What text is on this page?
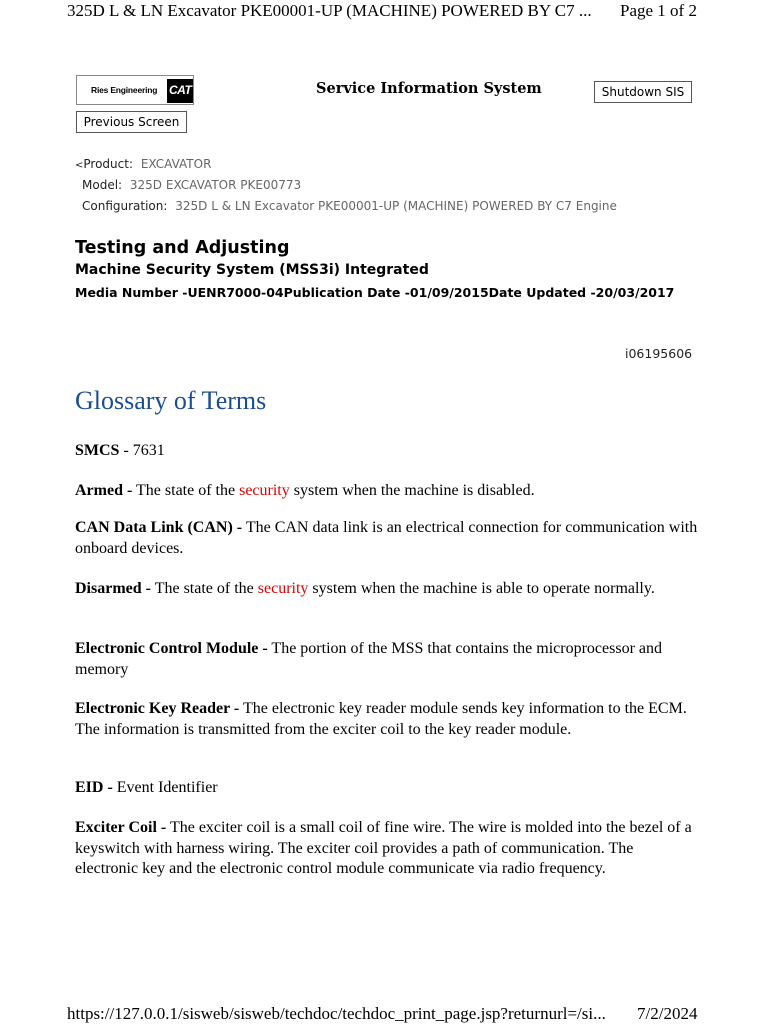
325D L & LN Excavator PKE00001-UP (MACHINE) POWERED BY C7 ... Page 1 of 2
Ries Engineering CAT	Service Information System	Shutdown SIS
Previous Screen
<Product: EXCAVATOR
Model: 325D EXCAVATOR PKE00773
Configuration: 325D L & LN Excavator PKE00001-UP (MACHINE) POWERED BY C7 Engine
Testing and Adjusting
Machine Security System (MSS3i) Integrated
Media Number -UENR7000-04Publication Date -01/09/2015Date Updated -20/03/2017
i06195606
Glossary of Terms
SMCS - 7631
Armed - The state of the security system when the machine is disabled.
CAN Data Link (CAN) - The CAN data link is an electrical connection for communication with onboard devices.
Disarmed - The state of the security system when the machine is able to operate normally.
Electronic Control Module - The portion of the MSS that contains the microprocessor and memory
Electronic Key Reader - The electronic key reader module sends key information to the ECM. The information is transmitted from the exciter coil to the key reader module.
EID - Event Identifier
Exciter Coil - The exciter coil is a small coil of fine wire. The wire is molded into the bezel of a keyswitch with harness wiring. The exciter coil provides a path of communication. The electronic key and the electronic control module communicate via radio frequency.
https://127.0.0.1/sisweb/sisweb/techdoc/techdoc_print_page.jsp?returnurl=/si... 7/2/2024
